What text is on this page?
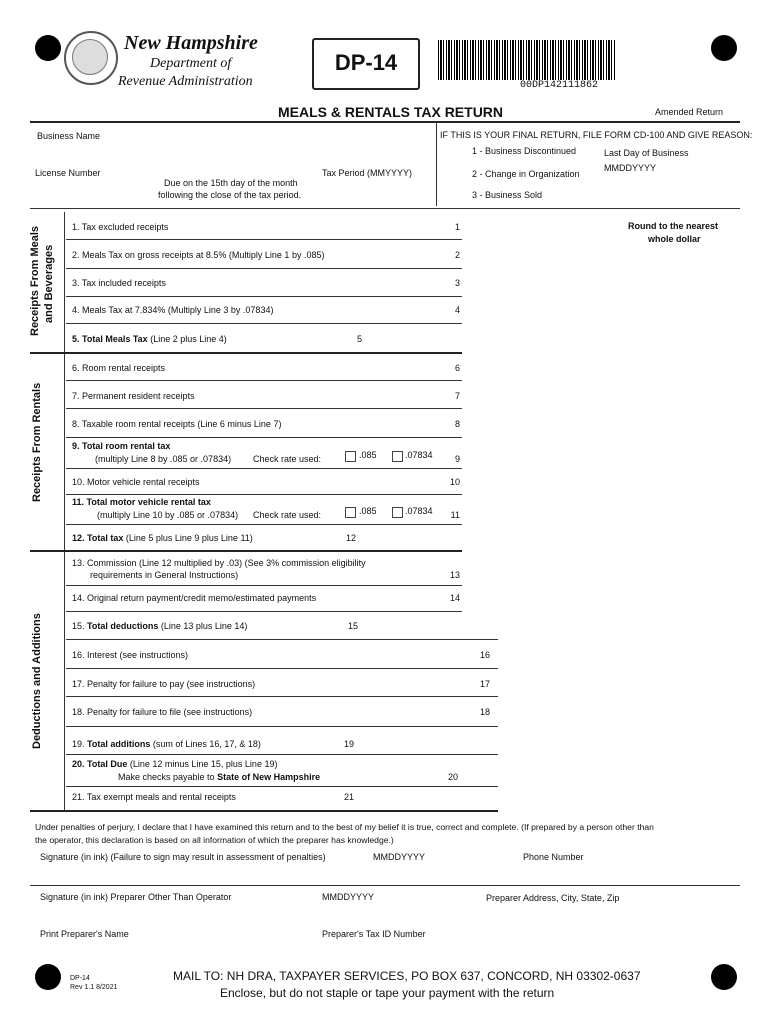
New Hampshire
Department of
Revenue Administration
DP-14
00DP142111862
MEALS & RENTALS TAX RETURN	Amended Return
Business Name	IF THIS IS YOUR FINAL RETURN, FILE FORM CD-100 AND GIVE REASON:
1 - Business Discontinued	Last Day of Business
MMDDYYYY
2 - Change in Organization
3 - Business Sold
License Number	Tax Period (MMYYYY)
Due on the 15th day of the month
following the close of the tax period.
Round to the nearest
whole dollar
Receipts From Meals and Beverages
Receipts From Rentals
Deductions and Additions
1. Tax excluded receipts	1
2. Meals Tax on gross receipts at 8.5% (Multiply Line 1 by .085)	2
3. Tax included receipts	3
4. Meals Tax at 7.834% (Multiply Line 3 by .07834)	4
5. Total Meals Tax (Line 2 plus Line 4)	5
6. Room rental receipts	6
7. Permanent resident receipts	7
8. Taxable room rental receipts (Line 6 minus Line 7)	8
9. Total room rental tax
(multiply Line 8 by .085 or .07834) Check rate used:	.085	.07834	9
10. Motor vehicle rental receipts	10
11. Total motor vehicle rental tax
(multiply Line 10 by .085 or .07834) Check rate used:	.085	.07834	11
12. Total tax (Line 5 plus Line 9 plus Line 11)	12
13. Commission (Line 12 multiplied by .03) (See 3% commission eligibility
requirements in General Instructions)	13
14. Original return payment/credit memo/estimated payments	14
15. Total deductions (Line 13 plus Line 14)	15
16. Interest (see instructions)	16
17. Penalty for failure to pay (see instructions)	17
18. Penalty for failure to file (see instructions)	18
19. Total additions (sum of Lines 16, 17, & 18)	19
20. Total Due (Line 12 minus Line 15, plus Line 19)
Make checks payable to State of New Hampshire	20
21. Tax exempt meals and rental receipts	21
Under penalties of perjury, I declare that I have examined this return and to the best of my belief it is true, correct and complete. (If prepared by a person other than
the operator, this declaration is based on all information of which the preparer has knowledge.)
Signature (in ink) (Failure to sign may result in assessment of penalties)	MMDDYYYY	Phone Number
Signature (in ink) Preparer Other Than Operator	MMDDYYYY	Preparer Address, City, State, Zip
Print Preparer's Name	Preparer's Tax ID Number
DP-14
Rev 1.1 8/2021
MAIL TO: NH DRA, TAXPAYER SERVICES, PO BOX 637, CONCORD, NH 03302-0637
Enclose, but do not staple or tape your payment with the return
